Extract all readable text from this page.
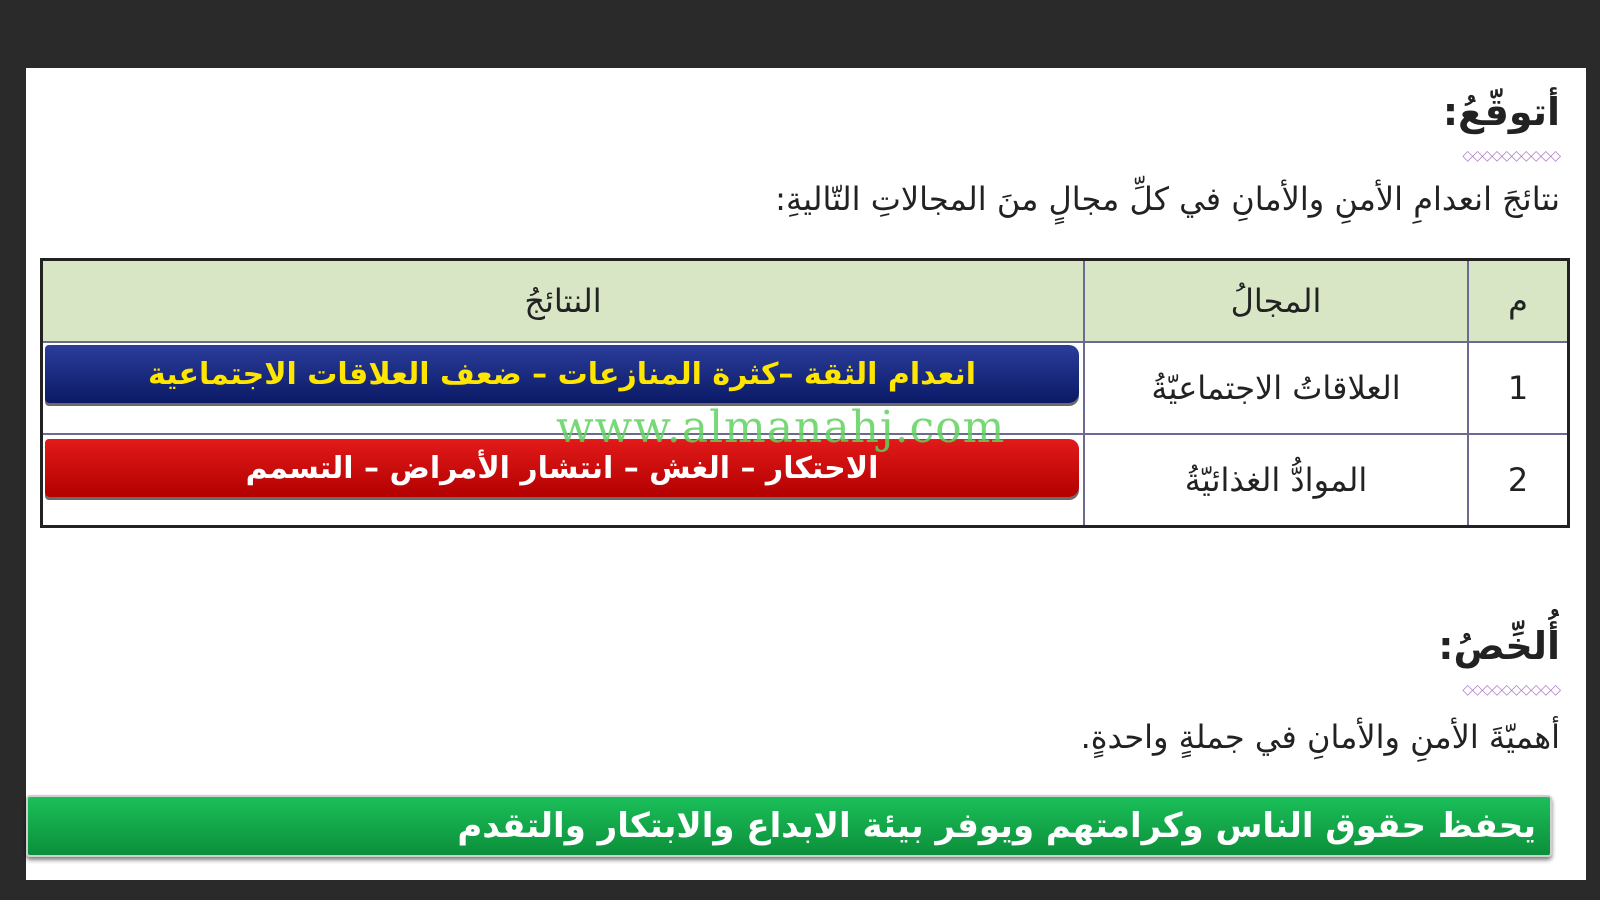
أتوقّعُ:
◇◇◇◇◇◇◇◇◇◇
نتائجَ انعدامِ الأمنِ والأمانِ في كلِّ مجالٍ منَ المجالاتِ التّاليةِ:
م	المجالُ	النتائجُ
1	العلاقاتُ الاجتماعيّةُ	انعدام الثقة –كثرة المنازعات – ضعف العلاقات الاجتماعية

2	الموادُّ الغذائيّةُ	الاحتكار – الغش – انتشار الأمراض – التسمم
www.almanahj.com
أُلخِّصُ:
◇◇◇◇◇◇◇◇◇◇
أهميّةَ الأمنِ والأمانِ في جملةٍ واحدةٍ.
يحفظ حقوق الناس وكرامتهم ويوفر بيئة الابداع والابتكار والتقدم
